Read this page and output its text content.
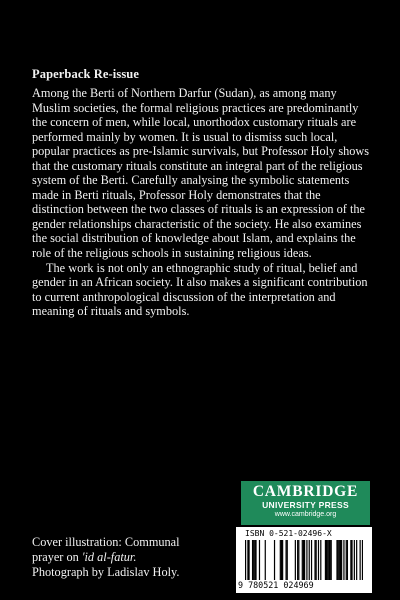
Paperback Re-issue

Among the Berti of Northern Darfur (Sudan), as among many Muslim societies, the formal religious practices are predominantly the concern of men, while local, unorthodox customary rituals are performed mainly by women. It is usual to dismiss such local, popular practices as pre-Islamic survivals, but Professor Holy shows that the customary rituals constitute an integral part of the religious system of the Berti. Carefully analysing the symbolic statements made in Berti rituals, Professor Holy demonstrates that the distinction between the two classes of rituals is an expression of the gender relationships characteristic of the society. He also examines the social distribution of knowledge about Islam, and explains the role of the religious schools in sustaining religious ideas.

The work is not only an ethnographic study of ritual, belief and gender in an African society. It also makes a significant contribution to current anthropological discussion of the interpretation and meaning of rituals and symbols.

Cover illustration: Communal
prayer on 'id al-fatur.
Photograph by Ladislav Holy.
CAMBRIDGE
UNIVERSITY PRESS
www.cambridge.org
ISBN 0-521-02496-X
9 780521 024969
